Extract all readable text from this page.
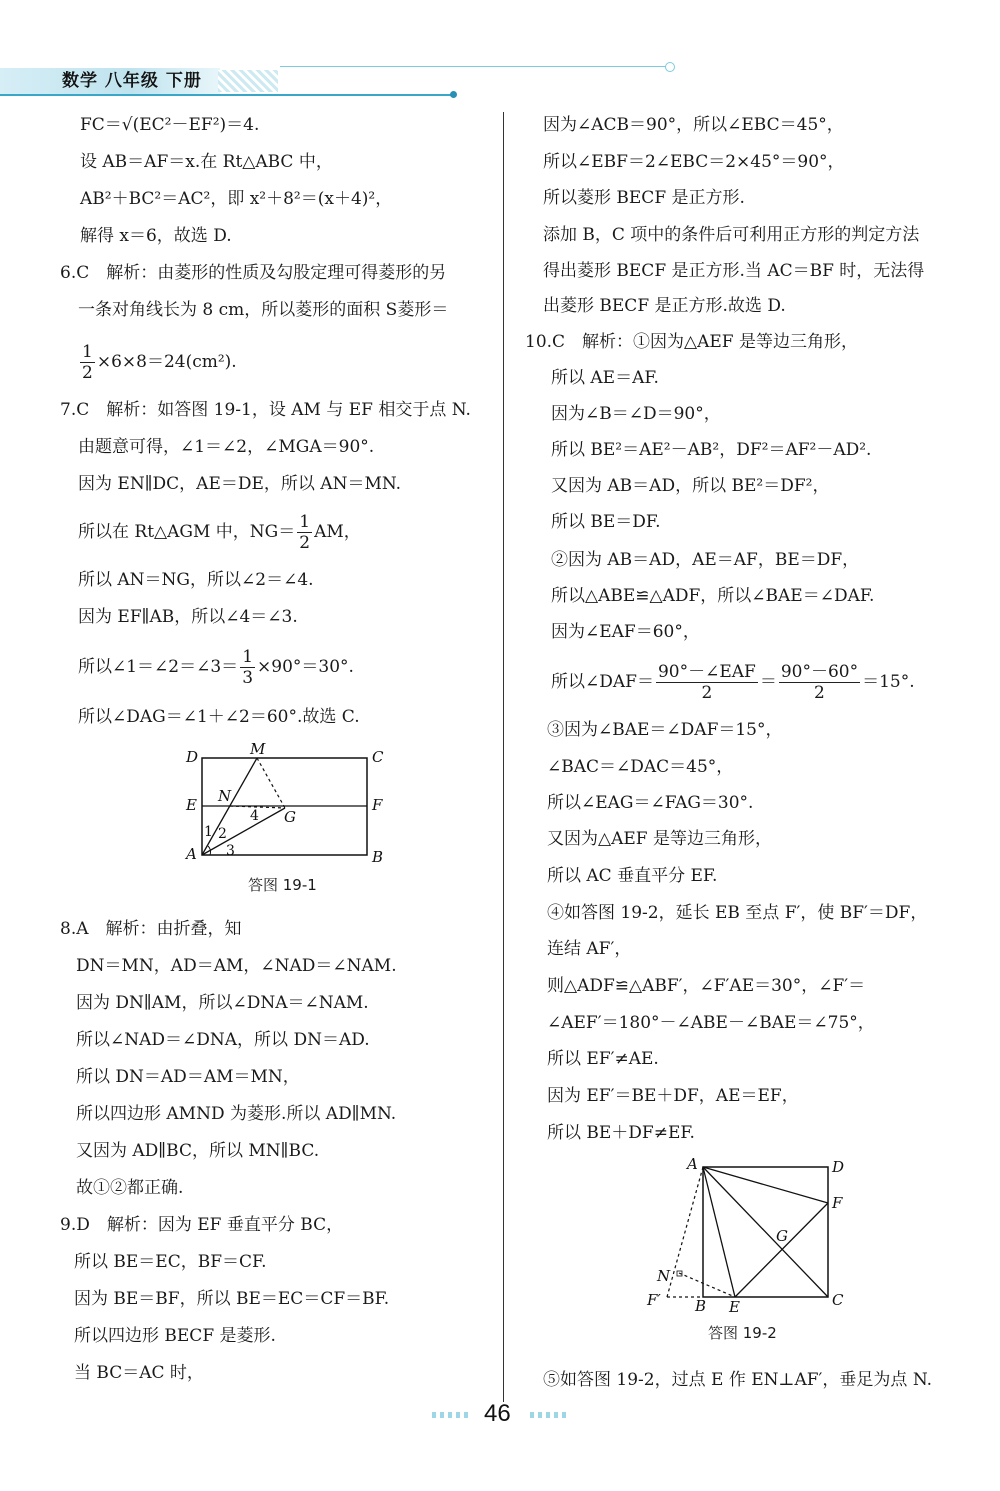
数学 八年级 下册
FC＝√(EC²－EF²)＝4.
设 AB＝AF＝x.在 Rt△ABC 中，
AB²＋BC²＝AC²，即 x²＋8²＝(x＋4)²，
解得 x＝6，故选 D.
6.C　解析：由菱形的性质及勾股定理可得菱形的另
一条对角线长为 8 cm，所以菱形的面积 S菱形＝
$\frac{1}{2} \times 6\times 8=24(cm^2)$.
7.C　解析：如答图 19-1，设 AM 与 EF 相交于点 N.
由题意可得，∠1＝∠2，∠MGA＝90°.
因为 EN∥DC，AE＝DE，所以 AN＝MN.
所以在 Rt△AGM 中，$NG= \frac{1}{2}$ AM，
所以 AN＝NG，所以∠2＝∠4.
因为 EF∥AB，所以∠4＝∠3.
所以∠1＝∠2＝∠3＝ $\frac{1}{3} \times 90^\circ=30^\circ$.
所以∠DAG＝∠1＋∠2＝60°.故选 C.
D	M	C
E N	F
G
A	B
1 2
3
4
答图 19-1
8.A　解析：由折叠，知
DN＝MN，AD＝AM，∠NAD＝∠NAM.
因为 DN∥AM，所以∠DNA＝∠NAM.
所以∠NAD＝∠DNA，所以 DN＝AD.
所以 DN＝AD＝AM＝MN，
所以四边形 AMND 为菱形.所以 AD∥MN.
又因为 AD∥BC，所以 MN∥BC.
故①②都正确.
9.D　解析：因为 EF 垂直平分 BC，
所以 BE＝EC，BF＝CF.
因为 BE＝BF，所以 BE＝EC＝CF＝BF.
所以四边形 BECF 是菱形.
当 BC＝AC 时，
因为∠ACB＝90°，所以∠EBC＝45°，
所以∠EBF＝2∠EBC＝2×45°＝90°，
所以菱形 BECF 是正方形.
添加 B，C 项中的条件后可利用正方形的判定方法
得出菱形 BECF 是正方形.当 AC＝BF 时，无法得
出菱形 BECF 是正方形.故选 D.
10.C　解析：①因为△AEF 是等边三角形，
所以 AE＝AF.
因为∠B＝∠D＝90°，
所以 BE²＝AE²－AB²，DF²＝AF²－AD².
又因为 AB＝AD，所以 BE²＝DF²，
所以 BE＝DF.
②因为 AB＝AD，AE＝AF，BE＝DF，
所以△ABE≌△ADF，所以∠BAE＝∠DAF.
因为∠EAF＝60°，
所以∠DAF＝ $\frac{\text{90°－∠EAF}}{2} = \frac{90^\circ-60^\circ}{2} =15^\circ$.
③因为∠BAE＝∠DAF＝15°，
∠BAC＝∠DAC＝45°，
所以∠EAG＝∠FAG＝30°.
又因为△AEF 是等边三角形，
所以 AC 垂直平分 EF.
④如答图 19-2，延长 EB 至点 F′，使 BF′＝DF，
连结 AF′，
则△ADF≌△ABF′，∠F′AE＝30°，∠F′＝
∠AEF′＝180°－∠ABE－∠BAE＝∠75°，
所以 EF′≠AE.
因为 EF′＝BE＋DF，AE＝EF，
所以 BE＋DF≠EF.
A	D
F
G
N
F′ B E	C
答图 19-2
⑤如答图 19-2，过点 E 作 EN⊥AF′，垂足为点 N.
46
